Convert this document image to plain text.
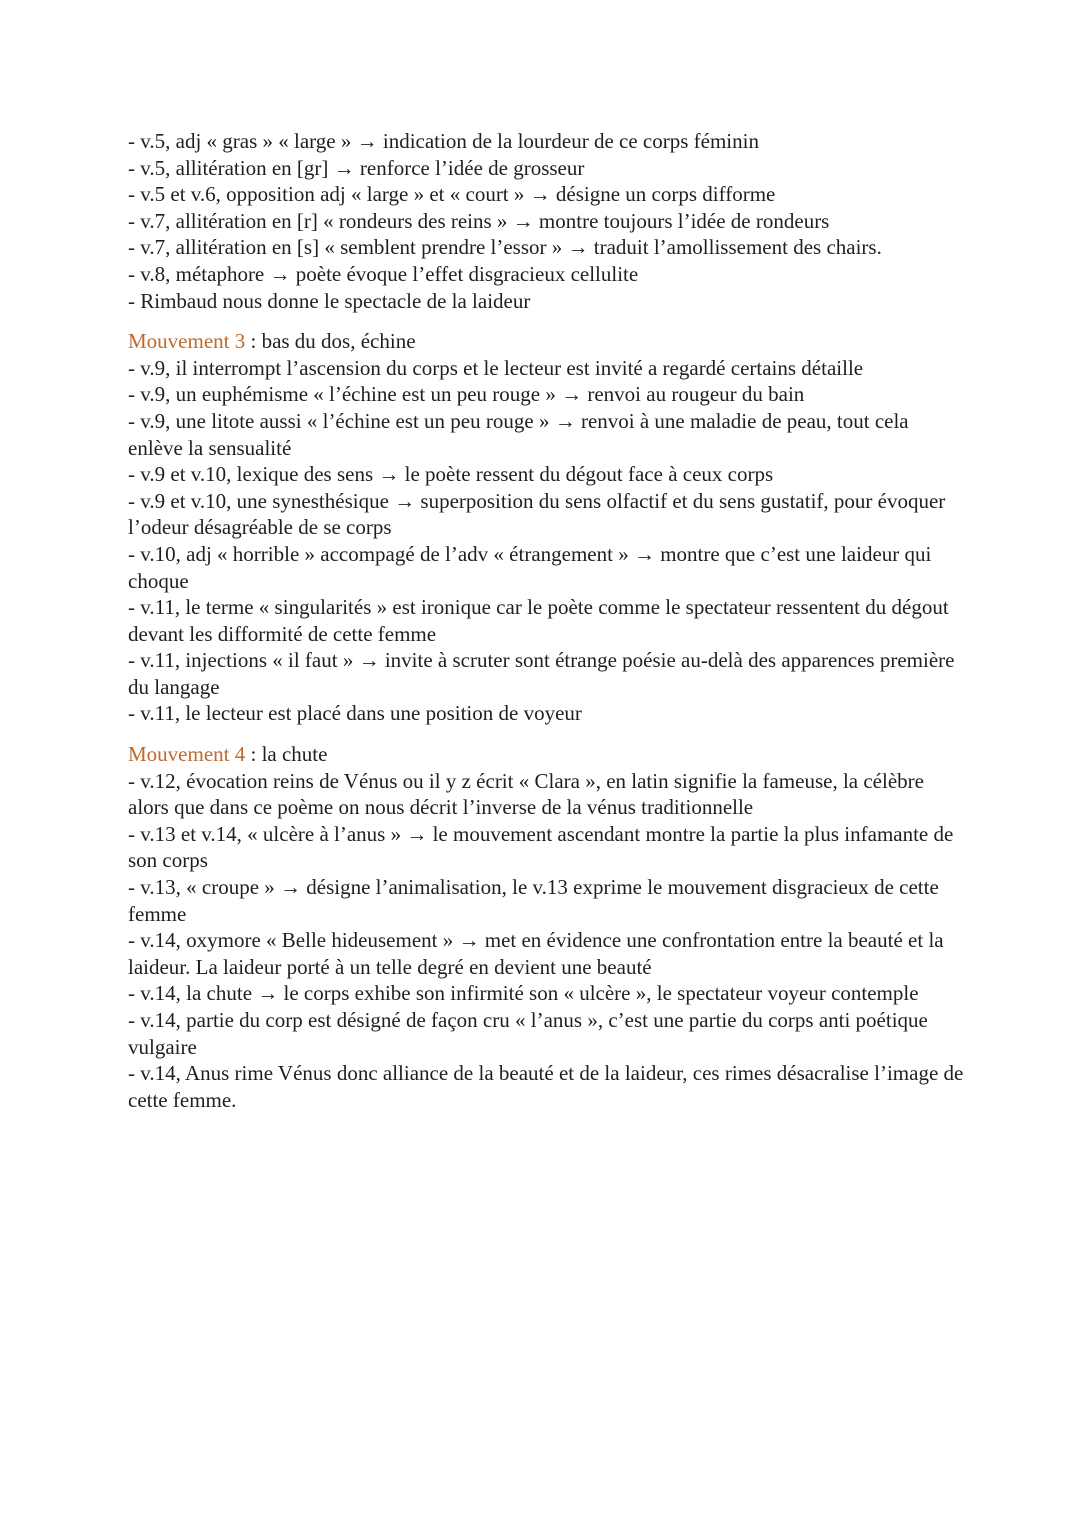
- v.5, adj « gras » « large » → indication de la lourdeur de ce corps féminin

- v.5, allitération en [gr] → renforce l’idée de grosseur

- v.5 et v.6, opposition adj « large » et « court » → désigne un corps difforme

- v.7, allitération en [r] « rondeurs des reins » → montre toujours l’idée de rondeurs

- v.7, allitération en [s] « semblent prendre l’essor » → traduit l’amollissement des chairs.

- v.8, métaphore → poète évoque l’effet disgracieux cellulite

- Rimbaud nous donne le spectacle de la laideur

Mouvement 3 : bas du dos, échine

- v.9, il interrompt l’ascension du corps et le lecteur est invité a regardé certains détaille

- v.9, un euphémisme « l’échine est un peu rouge » → renvoi au rougeur du bain

- v.9, une litote aussi « l’échine est un peu rouge » → renvoi à une maladie de peau, tout cela enlève la sensualité

- v.9 et v.10, lexique des sens → le poète ressent du dégout face à ceux corps

- v.9 et v.10, une synesthésique → superposition du sens olfactif et du sens gustatif, pour évoquer l’odeur désagréable de se corps

- v.10, adj « horrible » accompagé de l’adv « étrangement » → montre que c’est une laideur qui choque

- v.11, le terme « singularités » est ironique car le poète comme le spectateur ressentent du dégout devant les difformité de cette femme

- v.11, injections « il faut » → invite à scruter sont étrange poésie au-delà des apparences première du langage

- v.11, le lecteur est placé dans une position de voyeur

Mouvement 4 : la chute

- v.12, évocation reins de Vénus ou il y z écrit « Clara », en latin signifie la fameuse, la célèbre alors que dans ce poème on nous décrit l’inverse de la vénus traditionnelle

- v.13 et v.14, « ulcère à l’anus » → le mouvement ascendant montre la partie la plus infamante de son corps

- v.13, « croupe » → désigne l’animalisation, le v.13 exprime le mouvement disgracieux de cette femme

- v.14, oxymore « Belle hideusement » → met en évidence une confrontation entre la beauté et la laideur. La laideur porté à un telle degré en devient une beauté

- v.14, la chute → le corps exhibe son infirmité son « ulcère », le spectateur voyeur contemple

- v.14, partie du corp est désigné de façon cru « l’anus », c’est une partie du corps anti poétique vulgaire

- v.14, Anus rime Vénus donc alliance de la beauté et de la laideur, ces rimes désacralise l’image de cette femme.
